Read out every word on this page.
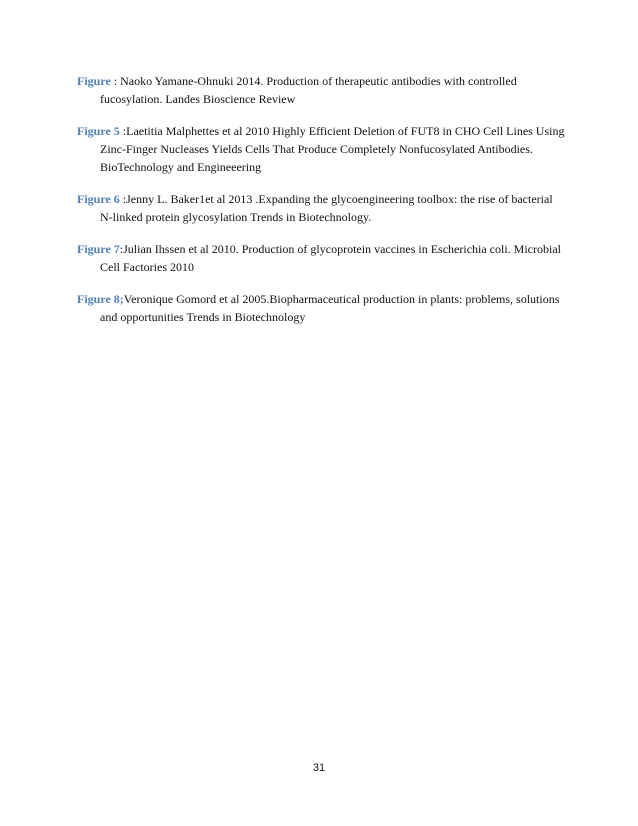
Figure : Naoko Yamane-Ohnuki 2014. Production of therapeutic antibodies with controlled fucosylation. Landes Bioscience Review

Figure 5 :Laetitia Malphettes et al 2010 Highly Efficient Deletion of FUT8 in CHO Cell Lines Using Zinc-Finger Nucleases Yields Cells That Produce Completely Nonfucosylated Antibodies. BioTechnology and Engineeering

Figure 6 :Jenny L. Baker1et al 2013 .Expanding the glycoengineering toolbox: the rise of bacterial N-linked protein glycosylation Trends in Biotechnology.

Figure 7:Julian Ihssen et al 2010. Production of glycoprotein vaccines in Escherichia coli. Microbial Cell Factories 2010

Figure 8;Veronique Gomord et al 2005.Biopharmaceutical production in plants: problems, solutions and opportunities Trends in Biotechnology

31
